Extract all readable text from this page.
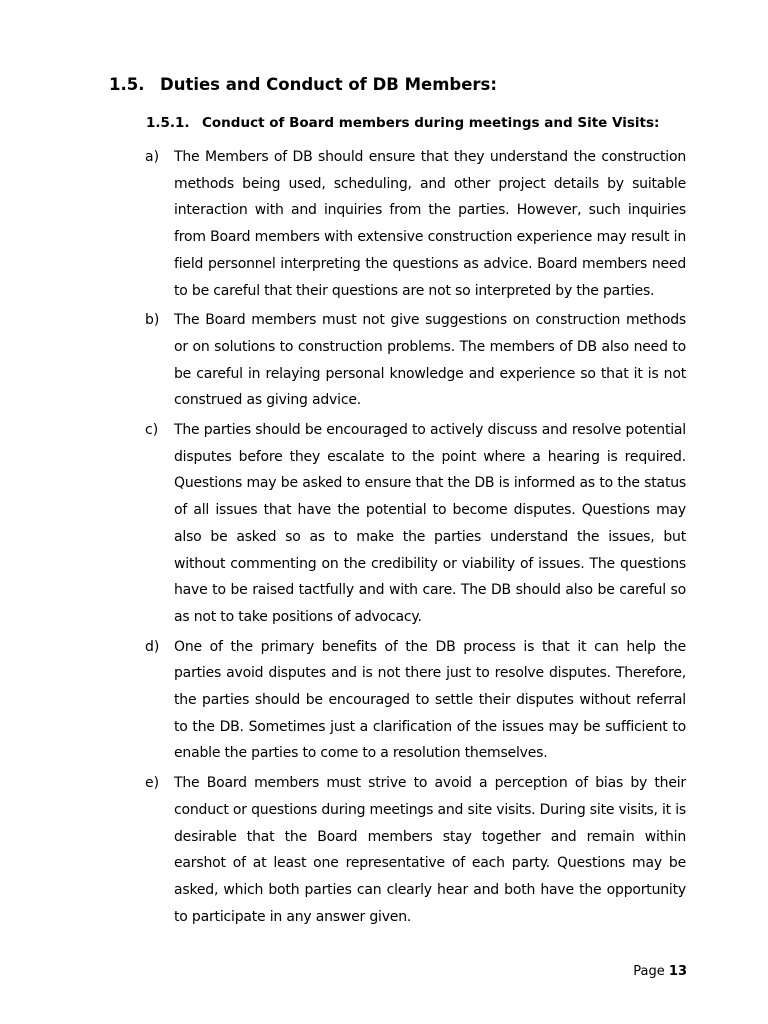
1.5. Duties and Conduct of DB Members:
1.5.1. Conduct of Board members during meetings and Site Visits:
a) The Members of DB should ensure that they understand the construction methods being used, scheduling, and other project details by suitable interaction with and inquiries from the parties. However, such inquiries from Board members with extensive construction experience may result in field personnel interpreting the questions as advice. Board members need to be careful that their questions are not so interpreted by the parties.

b) The Board members must not give suggestions on construction methods or on solutions to construction problems. The members of DB also need to be careful in relaying personal knowledge and experience so that it is not construed as giving advice.

c) The parties should be encouraged to actively discuss and resolve potential disputes before they escalate to the point where a hearing is required. Questions may be asked to ensure that the DB is informed as to the status of all issues that have the potential to become disputes. Questions may also be asked so as to make the parties understand the issues, but without commenting on the credibility or viability of issues. The questions have to be raised tactfully and with care. The DB should also be careful so as not to take positions of advocacy.

d) One of the primary benefits of the DB process is that it can help the parties avoid disputes and is not there just to resolve disputes. Therefore, the parties should be encouraged to settle their disputes without referral to the DB. Sometimes just a clarification of the issues may be sufficient to enable the parties to come to a resolution themselves.

e) The Board members must strive to avoid a perception of bias by their conduct or questions during meetings and site visits. During site visits, it is desirable that the Board members stay together and remain within earshot of at least one representative of each party. Questions may be asked, which both parties can clearly hear and both have the opportunity to participate in any answer given.

Page 13
